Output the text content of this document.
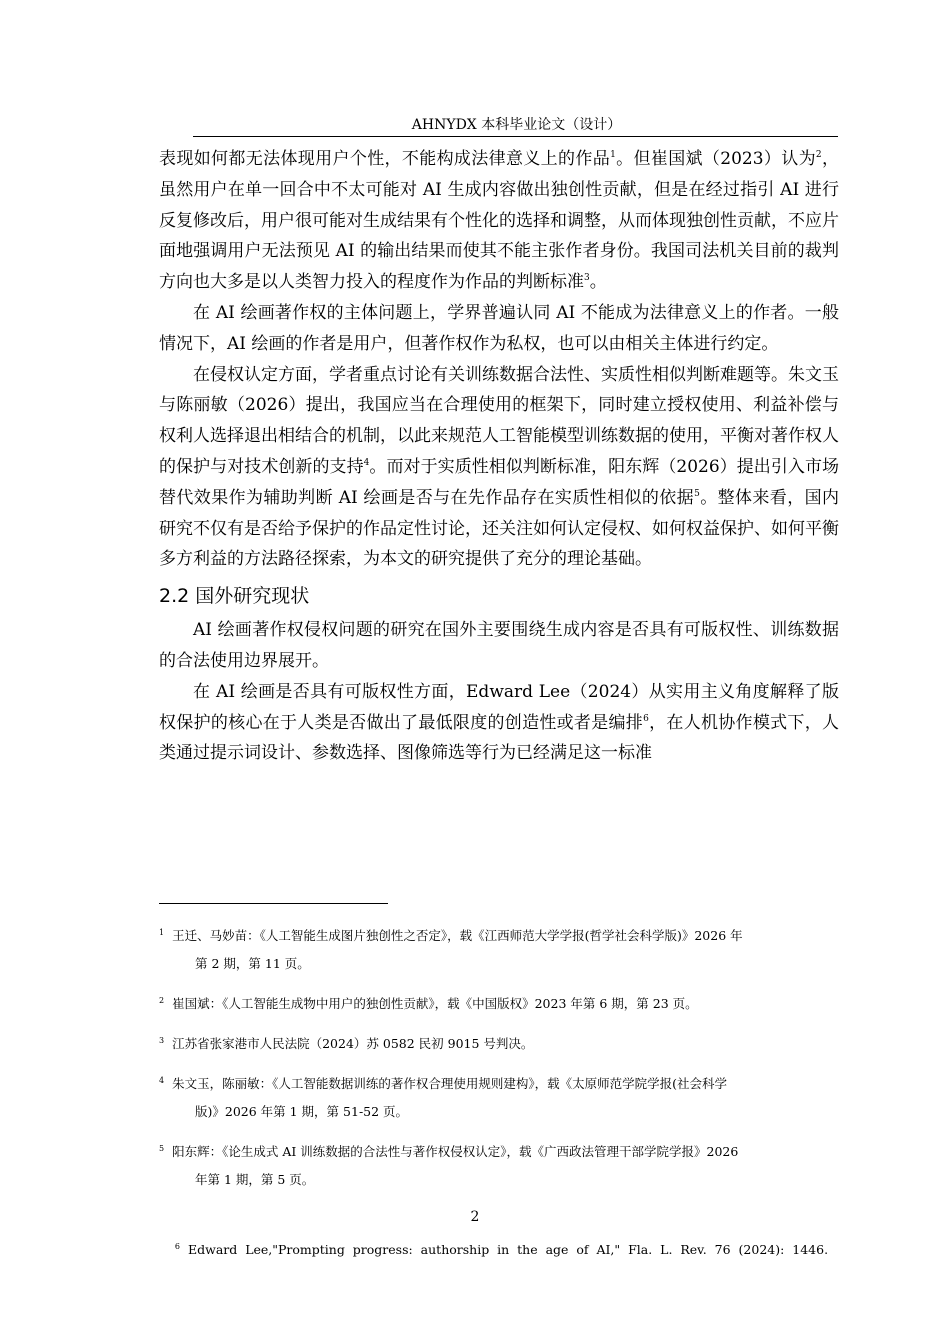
AHNYDX 本科毕业论文（设计）

表现如何都无法体现用户个性，不能构成法律意义上的作品$^1$。但崔国斌（2023）认为$^2$，虽然用户在单一回合中不太可能对 AI 生成内容做出独创性贡献，但是在经过指引 AI 进行反复修改后，用户很可能对生成结果有个性化的选择和调整，从而体现独创性贡献，不应片面地强调用户无法预见 AI 的输出结果而使其不能主张作者身份。我国司法机关目前的裁判方向也大多是以人类智力投入的程度作为作品的判断标准$^3$。

在 AI 绘画著作权的主体问题上，学界普遍认同 AI 不能成为法律意义上的作者。一般情况下，AI 绘画的作者是用户，但著作权作为私权，也可以由相关主体进行约定。

在侵权认定方面，学者重点讨论有关训练数据合法性、实质性相似判断难题等。朱文玉与陈丽敏（2026）提出，我国应当在合理使用的框架下，同时建立授权使用、利益补偿与权利人选择退出相结合的机制，以此来规范人工智能模型训练数据的使用，平衡对著作权人的保护与对技术创新的支持$^4$。而对于实质性相似判断标准，阳东辉（2026）提出引入市场替代效果作为辅助判断 AI 绘画是否与在先作品存在实质性相似的依据$^5$。整体来看，国内研究不仅有是否给予保护的作品定性讨论，还关注如何认定侵权、如何权益保护、如何平衡多方利益的方法路径探索，为本文的研究提供了充分的理论基础。

2.2 国外研究现状

AI 绘画著作权侵权问题的研究在国外主要围绕生成内容是否具有可版权性、训练数据的合法使用边界展开。

在 AI 绘画是否具有可版权性方面，Edward Lee（2024）从实用主义角度解释了版权保护的核心在于人类是否做出了最低限度的创造性或者是编排$^6$，在人机协作模式下，人类通过提示词设计、参数选择、图像筛选等行为已经满足这一标准

$^1$ 王迁、马妙苗：《人工智能生成图片独创性之否定》，载《江西师范大学学报(哲学社会科学版)》2026 年
第 2 期，第 11 页。
$^2$ 崔国斌：《人工智能生成物中用户的独创性贡献》，载《中国版权》2023 年第 6 期，第 23 页。
$^3$ 江苏省张家港市人民法院（2024）苏 0582 民初 9015 号判决。
$^4$ 朱文玉，陈丽敏：《人工智能数据训练的著作权合理使用规则建构》，载《太原师范学院学报(社会科学
版)》2026 年第 1 期，第 51-52 页。
$^5$ 阳东辉：《论生成式 AI 训练数据的合法性与著作权侵权认定》，载《广西政法管理干部学院学报》2026
年第 1 期，第 5 页。

$^6$ Edward  Lee,"Prompting  progress:  authorship  in  the  age  of  AI,"  Fla.  L.  Rev.  76  (2024):  1446.

2
